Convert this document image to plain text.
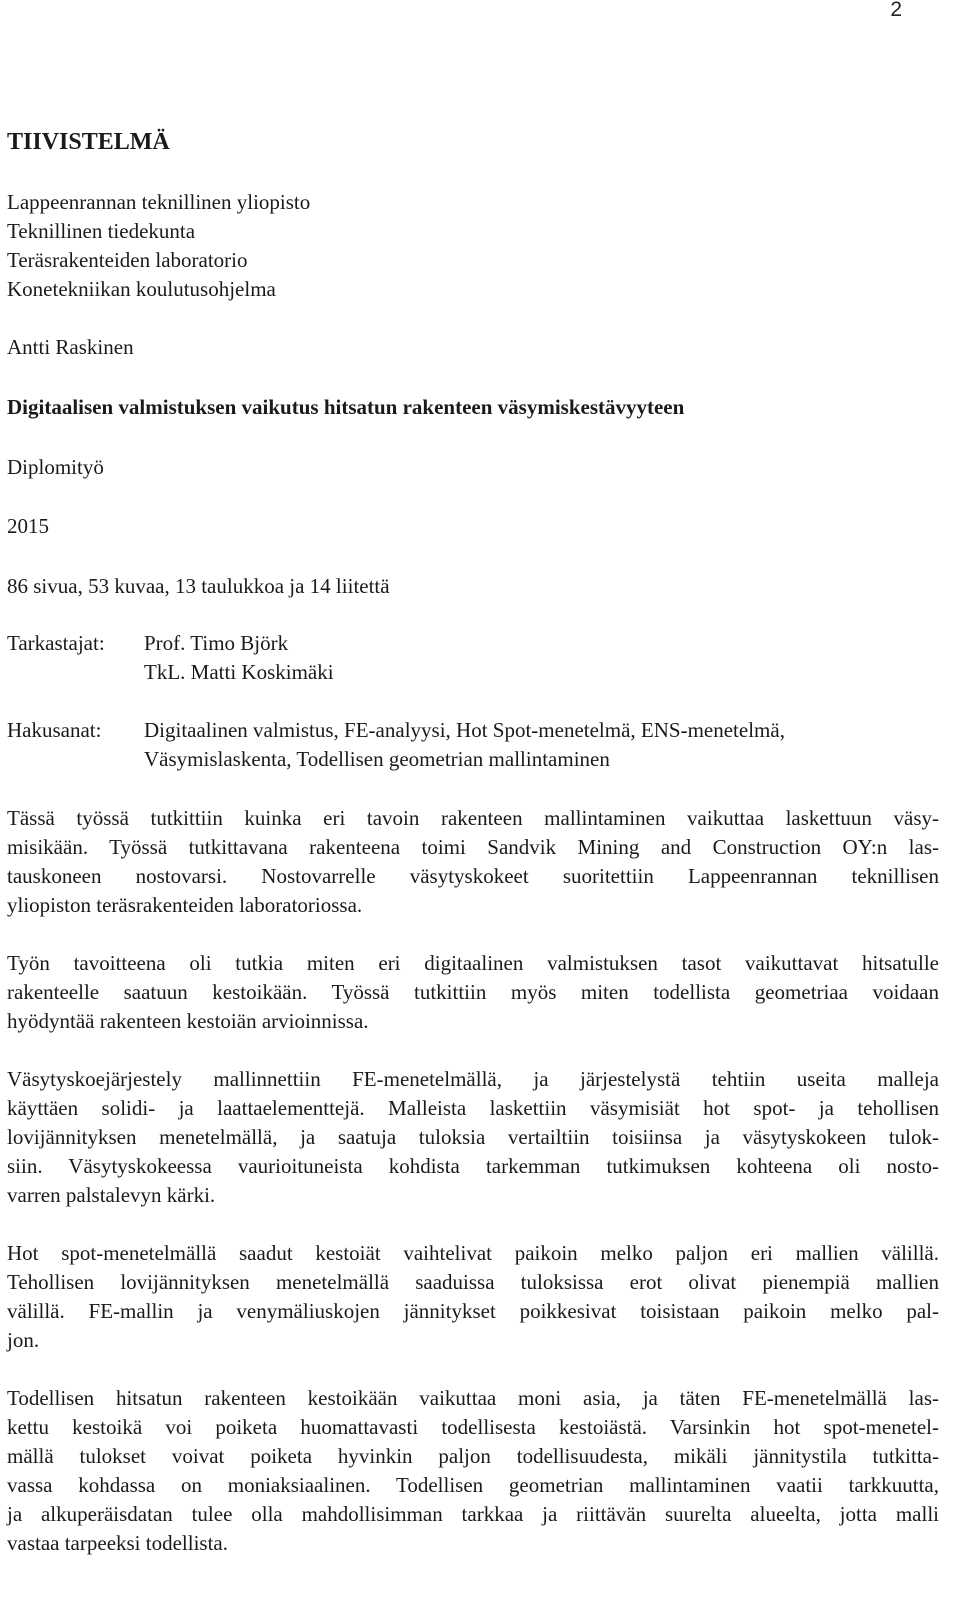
2
TIIVISTELMÄ
Lappeenrannan teknillinen yliopisto
Teknillinen tiedekunta
Teräsrakenteiden laboratorio
Konetekniikan koulutusohjelma
Antti Raskinen
Digitaalisen valmistuksen vaikutus hitsatun rakenteen väsymiskestävyyteen
Diplomityö
2015
86 sivua, 53 kuvaa, 13 taulukkoa ja 14 liitettä
Tarkastajat: Prof. Timo Björk
TkL. Matti Koskimäki
Hakusanat: Digitaalinen valmistus, FE-analyysi, Hot Spot-menetelmä, ENS-menetelmä,
Väsymislaskenta, Todellisen geometrian mallintaminen

Tässä työssä tutkittiin kuinka eri tavoin rakenteen mallintaminen vaikuttaa laskettuun väsy-
misikään. Työssä tutkittavana rakenteena toimi Sandvik Mining and Construction OY:n las-
tauskoneen nostovarsi. Nostovarrelle väsytyskokeet suoritettiin Lappeenrannan teknillisen
yliopiston teräsrakenteiden laboratoriossa.

Työn tavoitteena oli tutkia miten eri digitaalinen valmistuksen tasot vaikuttavat hitsatulle
rakenteelle saatuun kestoikään. Työssä tutkittiin myös miten todellista geometriaa voidaan
hyödyntää rakenteen kestoiän arvioinnissa.

Väsytyskoejärjestely mallinnettiin FE-menetelmällä, ja järjestelystä tehtiin useita malleja
käyttäen solidi- ja laattaelementtejä. Malleista laskettiin väsymisiät hot spot- ja tehollisen
lovijännityksen menetelmällä, ja saatuja tuloksia vertailtiin toisiinsa ja väsytyskokeen tulok-
siin. Väsytyskokeessa vaurioituneista kohdista tarkemman tutkimuksen kohteena oli nosto-
varren palstalevyn kärki.

Hot spot-menetelmällä saadut kestoiät vaihtelivat paikoin melko paljon eri mallien välillä.
Tehollisen lovijännityksen menetelmällä saaduissa tuloksissa erot olivat pienempiä mallien
välillä. FE-mallin ja venymäliuskojen jännitykset poikkesivat toisistaan paikoin melko pal-
jon.

Todellisen hitsatun rakenteen kestoikään vaikuttaa moni asia, ja täten FE-menetelmällä las-
kettu kestoikä voi poiketa huomattavasti todellisesta kestoiästä. Varsinkin hot spot-menetel-
mällä tulokset voivat poiketa hyvinkin paljon todellisuudesta, mikäli jännitystila tutkitta-
vassa kohdassa on moniaksiaalinen. Todellisen geometrian mallintaminen vaatii tarkkuutta,
ja alkuperäisdatan tulee olla mahdollisimman tarkkaa ja riittävän suurelta alueelta, jotta malli
vastaa tarpeeksi todellista.
